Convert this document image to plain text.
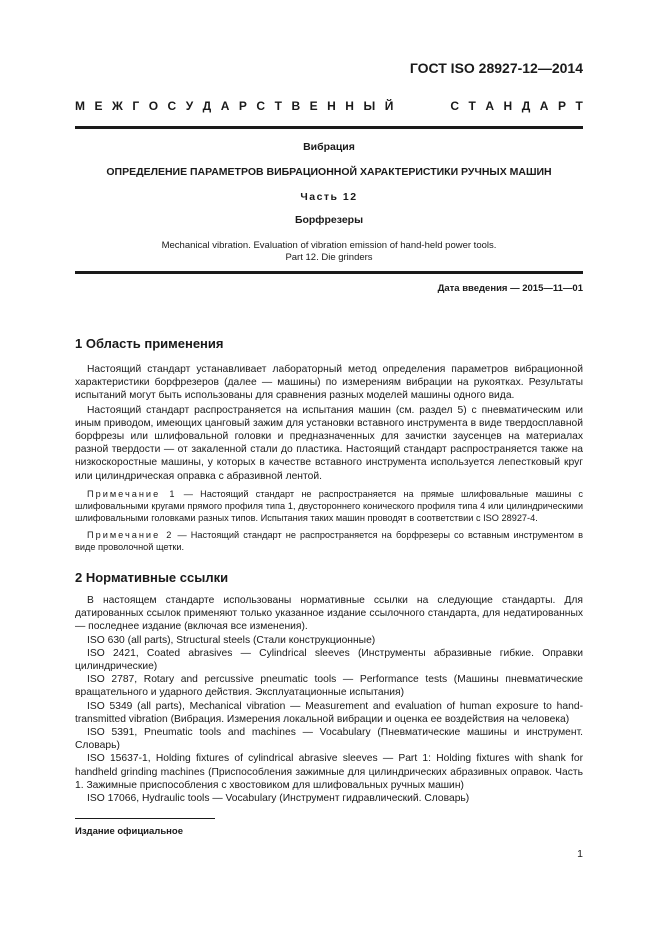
ГОСТ ISO 28927-12—2014
М Е Ж Г О С У Д А Р С Т В Е Н Н Ы Й	С Т А Н Д А Р Т
Вибрация
ОПРЕДЕЛЕНИЕ ПАРАМЕТРОВ ВИБРАЦИОННОЙ ХАРАКТЕРИСТИКИ РУЧНЫХ МАШИН
Часть 12
Борфрезеры
Mechanical vibration. Evaluation of vibration emission of hand-held power tools.
Part 12. Die grinders
Дата введения — 2015—11—01
1 Область применения

Настоящий стандарт устанавливает лабораторный метод определения параметров вибрационной характеристики борфрезеров (далее — машины) по измерениям вибрации на рукоятках. Результаты испытаний могут быть использованы для сравнения разных моделей машины одного вида.

Настоящий стандарт распространяется на испытания машин (см. раздел 5) с пневматическим или иным приводом, имеющих цанговый зажим для установки вставного инструмента в виде твердосплавной борфрезы или шлифовальной головки и предназначенных для зачистки заусенцев на материалах разной твердости — от закаленной стали до пластика. Настоящий стандарт распространяется также на низкоскоростные машины, у которых в качестве вставного инструмента используется лепестковый круг или цилиндрическая оправка с абразивной лентой.

Примечание 1 — Настоящий стандарт не распространяется на прямые шлифовальные машины с шлифовальными кругами прямого профиля типа 1, двустороннего конического профиля типа 4 или цилиндрическими шлифовальными головками разных типов. Испытания таких машин проводят в соответствии с ISO 28927-4.

Примечание 2 — Настоящий стандарт не распространяется на борфрезеры со вставным инструментом в виде проволочной щетки.

2 Нормативные ссылки

В настоящем стандарте использованы нормативные ссылки на следующие стандарты. Для датированных ссылок применяют только указанное издание ссылочного стандарта, для недатированных — последнее издание (включая все изменения).

ISO 630 (all parts), Structural steels (Стали конструкционные)

ISO 2421, Coated abrasives — Cylindrical sleeves (Инструменты абразивные гибкие. Оправки цилиндрические)

ISO 2787, Rotary and percussive pneumatic tools — Performance tests (Машины пневматические вращательного и ударного действия. Эксплуатационные испытания)

ISO 5349 (all parts), Mechanical vibration — Measurement and evaluation of human exposure to hand-transmitted vibration (Вибрация. Измерения локальной вибрации и оценка ее воздействия на человека)

ISO 5391, Pneumatic tools and machines — Vocabulary (Пневматические машины и инструмент. Словарь)

ISO 15637-1, Holding fixtures of cylindrical abrasive sleeves — Part 1: Holding fixtures with shank for handheld grinding machines (Приспособления зажимные для цилиндрических абразивных оправок. Часть 1. Зажимные приспособления с хвостовиком для шлифовальных ручных машин)

ISO 17066, Hydraulic tools — Vocabulary (Инструмент гидравлический. Словарь)

Издание официальное
1
